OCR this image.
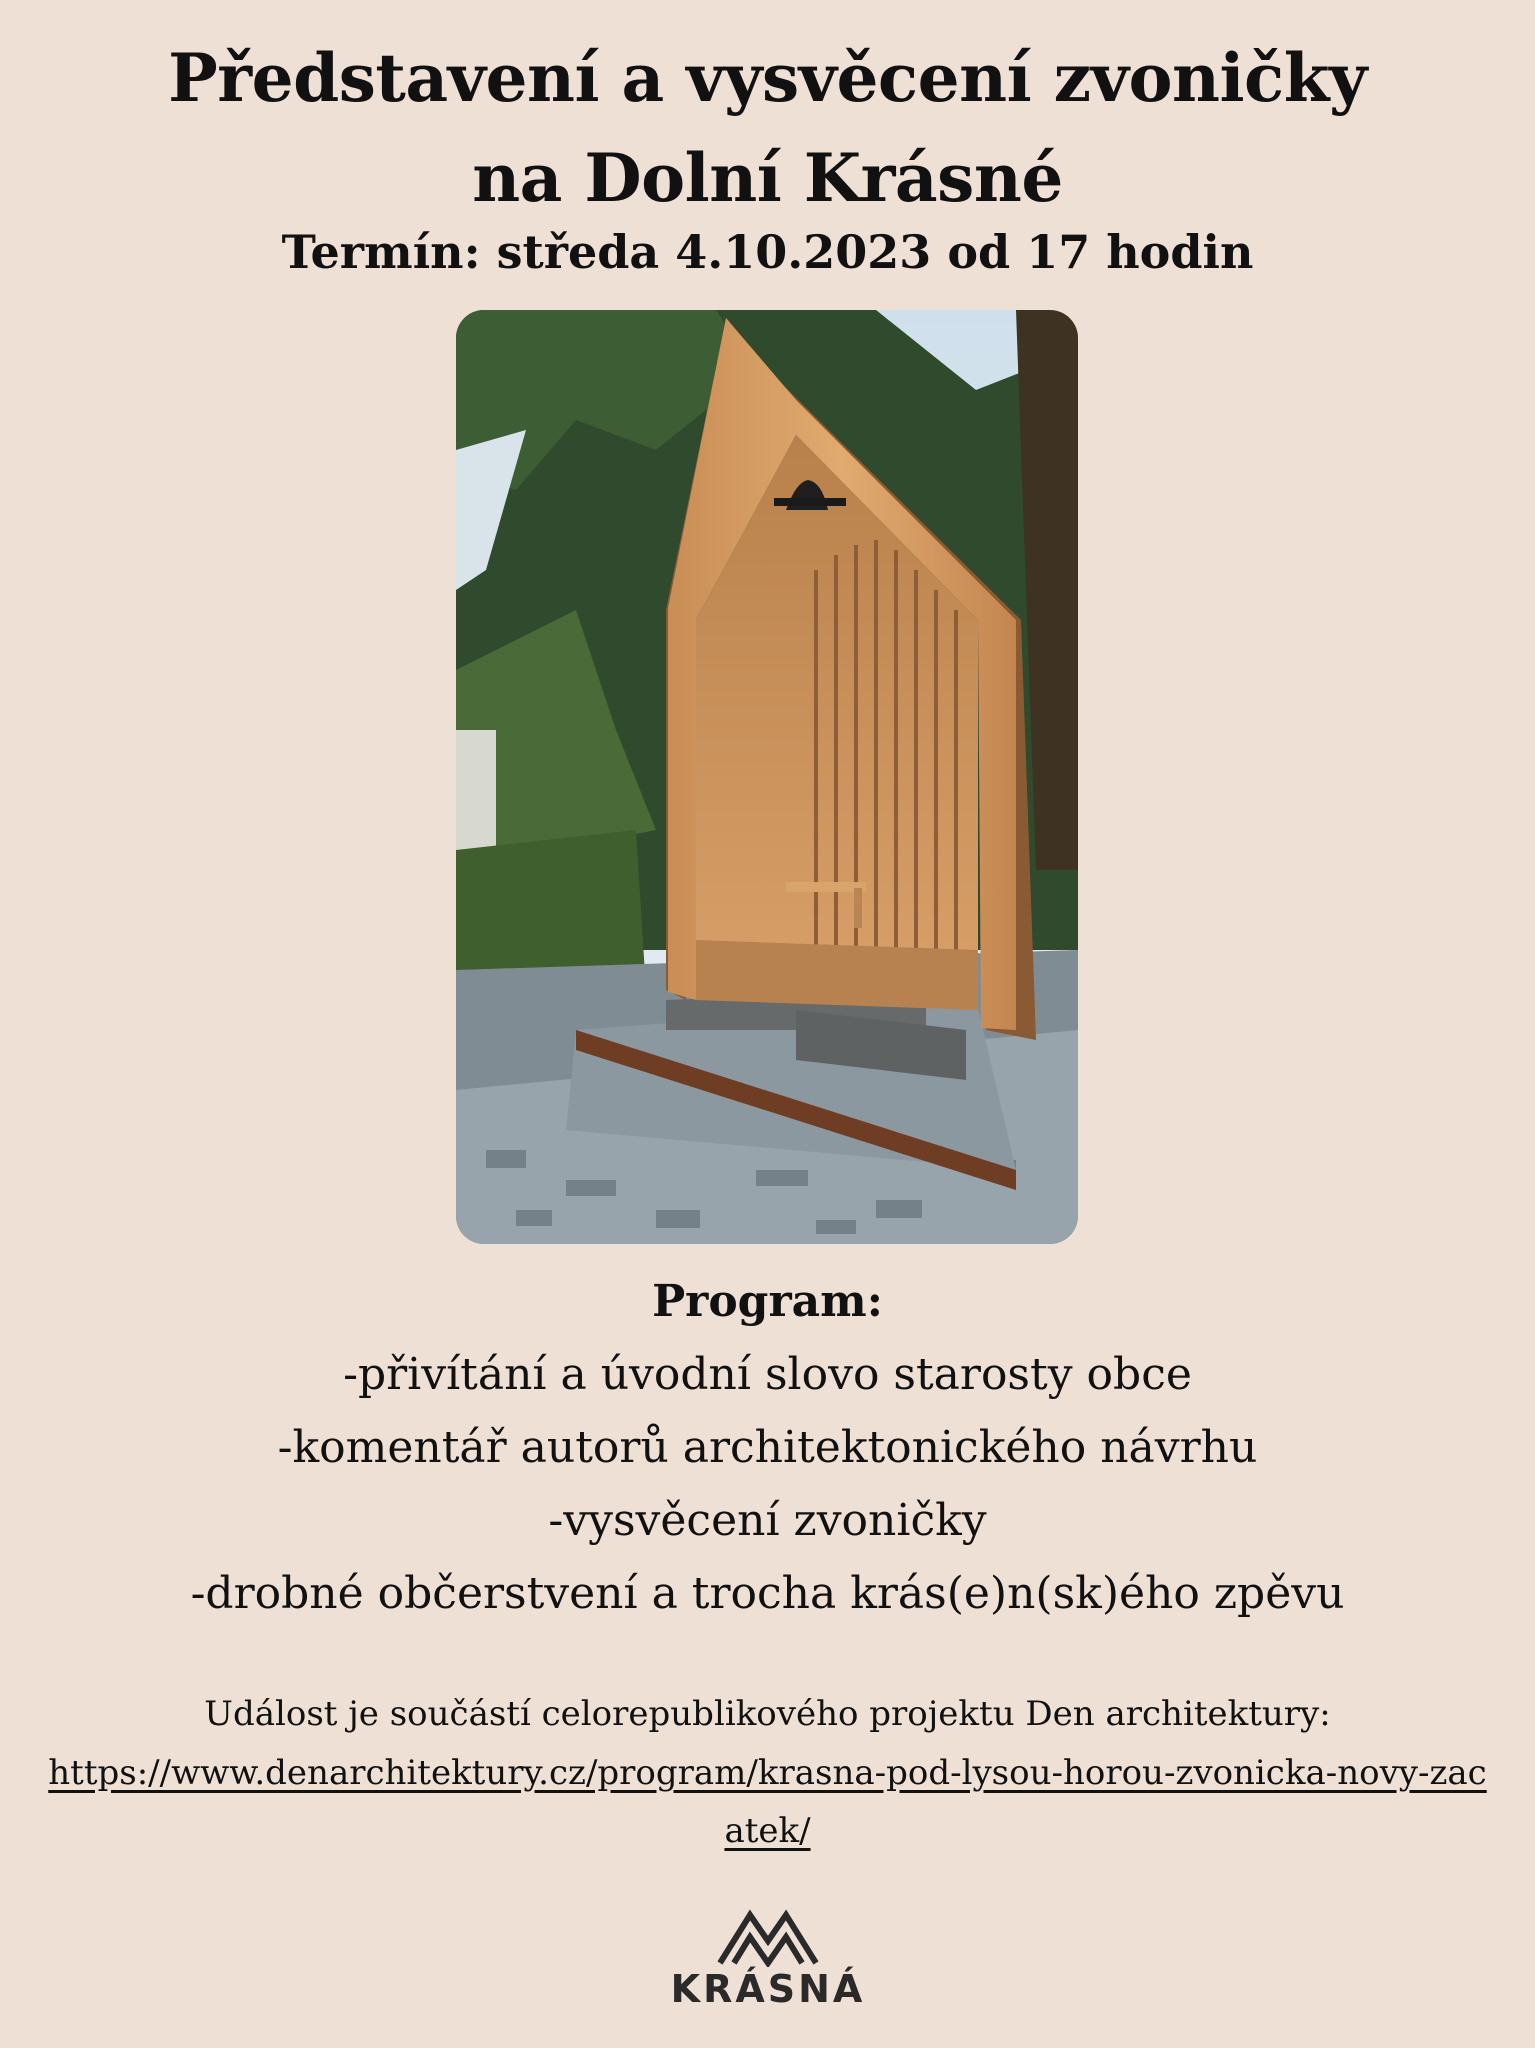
Představení a vysvěcení zvoničky
na Dolní Krásné
Termín: středa 4.10.2023 od 17 hodin
Program:
-přivítání a úvodní slovo starosty obce
-komentář autorů architektonického návrhu
-vysvěcení zvoničky
-drobné občerstvení a trocha krás(e)n(sk)ého zpěvu
Událost je součástí celorepublikového projektu Den architektury:
https://www.denarchitektury.cz/program/krasna-pod-lysou-horou-zvonicka-novy-zacatek/
KRÁSNÁ
